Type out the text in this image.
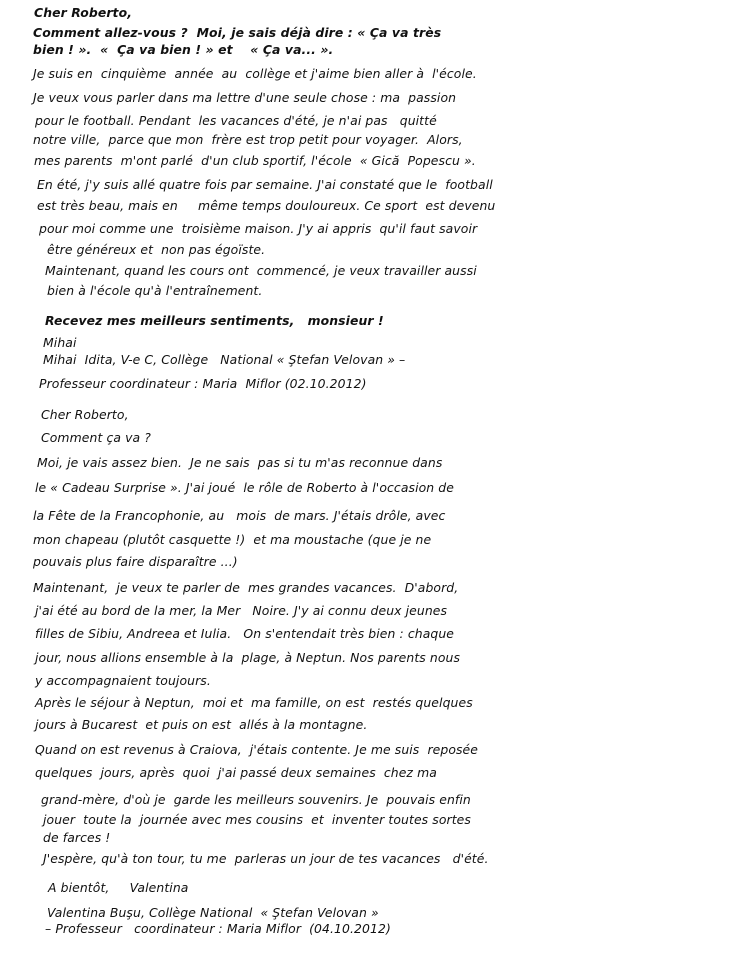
Cher Roberto,
Comment allez-vous ?  Moi, je sais déjà dire : « Ça va très
bien ! ».  «  Ça va bien ! » et    « Ça va... ».
Je suis en  cinquième  année  au  collège et j'aime bien aller à  l'école.
Je veux vous parler dans ma lettre d'une seule chose : ma  passion
pour le football. Pendant  les vacances d'été, je n'ai pas   quitté
notre ville,  parce que mon  frère est trop petit pour voyager.  Alors,
mes parents  m'ont parlé  d'un club sportif, l'école  « Gică  Popescu ».
En été, j'y suis allé quatre fois par semaine. J'ai constaté que le  football
est très beau, mais en     même temps douloureux. Ce sport  est devenu
pour moi comme une  troisième maison. J'y ai appris  qu'il faut savoir
être généreux et  non pas égoïste.
Maintenant, quand les cours ont  commencé, je veux travailler aussi
bien à l'école qu'à l'entraînement.
Recevez mes meilleurs sentiments,   monsieur !
Mihai
Mihai  Idita, V-e C, Collège   National « Ştefan Velovan » –
Professeur coordinateur : Maria  Miflor (02.10.2012)
Cher Roberto,
Comment ça va ?
Moi, je vais assez bien.  Je ne sais  pas si tu m'as reconnue dans
le « Cadeau Surprise ». J'ai joué  le rôle de Roberto à l'occasion de
la Fête de la Francophonie, au   mois  de mars. J'étais drôle, avec
mon chapeau (plutôt casquette !)  et ma moustache (que je ne
pouvais plus faire disparaître ...)
Maintenant,  je veux te parler de  mes grandes vacances.  D'abord,
j'ai été au bord de la mer, la Mer   Noire. J'y ai connu deux jeunes
filles de Sibiu, Andreea et Iulia.   On s'entendait très bien : chaque
jour, nous allions ensemble à la  plage, à Neptun. Nos parents nous
y accompagnaient toujours.
Après le séjour à Neptun,  moi et  ma famille, on est  restés quelques
jours à Bucarest  et puis on est  allés à la montagne.
Quand on est revenus à Craiova,  j'étais contente. Je me suis  reposée
quelques  jours, après  quoi  j'ai passé deux semaines  chez ma
grand-mère, d'où je  garde les meilleurs souvenirs. Je  pouvais enfin
jouer  toute la  journée avec mes cousins  et  inventer toutes sortes
de farces !
J'espère, qu'à ton tour, tu me  parleras un jour de tes vacances   d'été.
A bientôt,     Valentina
Valentina Buşu, Collège National  « Ştefan Velovan »
– Professeur   coordinateur : Maria Miflor  (04.10.2012)
